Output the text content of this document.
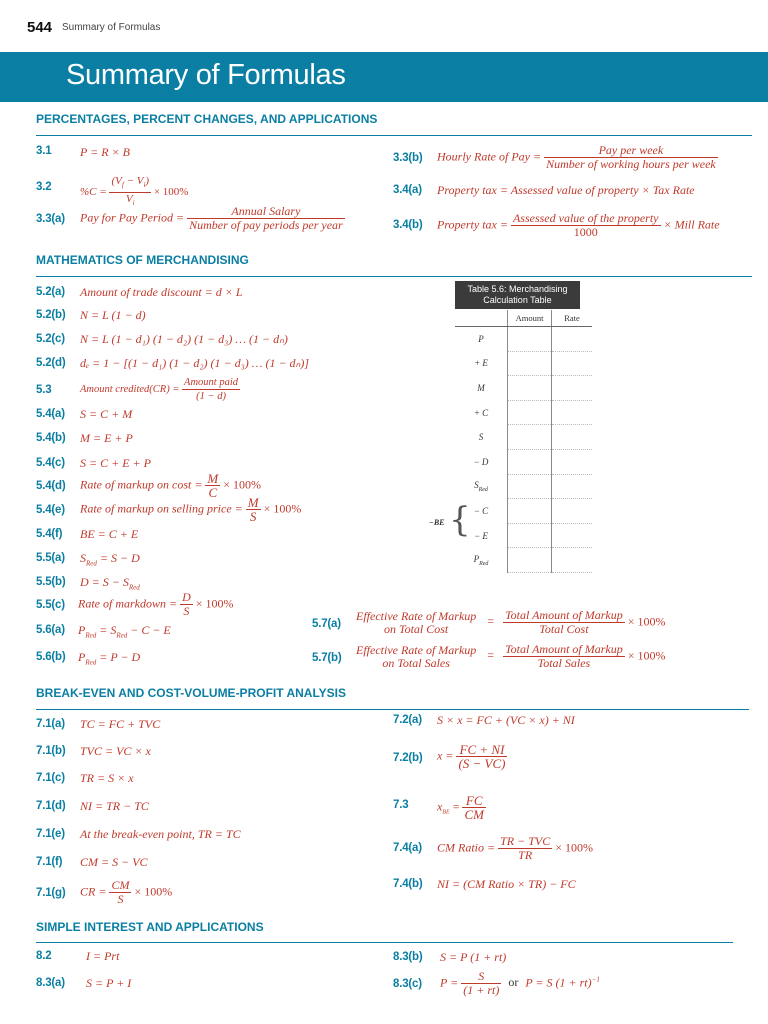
544 Summary of Formulas
Summary of Formulas
PERCENTAGES, PERCENT CHANGES, AND APPLICATIONS
3.1 P = R × B
3.2	$\%C = \frac{(V_f - V_i)}{V_i} \times 100\%$
3.3(a) Pay for Pay Period = $\frac{\text{Annual Salary}}{\text{Number of pay periods per year}}$
3.3(b) Hourly Rate of Pay = $\frac{\text{Pay per week}}{\text{Number of working hours per week}}$
3.4(a) Property tax = Assessed value of property × Tax Rate
3.4(b) Property tax = $\frac{\text{Assessed value of the property}}{1000}$ × Mill Rate
MATHEMATICS OF MERCHANDISING
5.2(a) Amount of trade discount = d × L
5.2(b) N = L (1 − d)
5.2(c) N = L (1 − d₁) (1 − d₂) (1 − d₃) … (1 − dₙ)
5.2(d) dₑ = 1 − [(1 − d₁) (1 − d₂) (1 − d₃) … (1 − dₙ)]
5.3	Amount credited(CR) = $\frac{\text{Amount paid}}{(1 - d)}$
5.4(a) S = C + M
5.4(b) M = E + P
5.4(c) S = C + E + P
5.4(d) Rate of markup on $\cos t = \frac{M}{C} \times 100\%$
5.4(e) Rate of markup on selling price = $\frac{M}{S} \times 100\%$
5.4(f) BE = C + E
5.5(a) $S_{Red} = S - D$
5.5(b) $D = S - S_{Red}$
5.5(c) Rate of markdown = $\frac{D}{S} \times 100\%$
5.6(a) $P_{Red} = S_{Red} - C - E$
5.6(b) $P_{Red} = P - D$
5.7(a)
Effective Rate of Markup
on Total Cost
= $\frac{\text{Total Amount of Markup}}{\text{Total Cost}} \times 100\%$
5.7(b)
Effective Rate of Markup
on Total Sales
= $\frac{\text{Total Amount of Markup}}{\text{Total Sales}} \times 100\%$
Table 5.6: Merchandising
Calculation Table
	Amount	Rate
P		
+ E		
M		
+ C		
S		
− D		
$S_{Red}$		
− C		
− E		
$P_{Red}$		
−BE {
BREAK-EVEN AND COST-VOLUME-PROFIT ANALYSIS
7.1(a) TC = FC + TVC
7.1(b) TVC = VC × x
7.1(c) TR = S × x
7.1(d) NI = TR − TC
7.1(e) At the break-even point, TR = TC
7.1(f) CM = S − VC
7.1(g) CR = $\frac{CM}{S} \times 100\%$
7.2(a) S × x = FC + (VC × x) + NI
7.2(b) $x = \frac{FC + NI}{(S - VC)}$
7.3 $x_{BE} = \frac{FC}{CM}$
7.4(a) CM Ratio = $\frac{\text{TR − TVC}}{TR} \times 100\%$
7.4(b) NI = (CM Ratio × TR) − FC
SIMPLE INTEREST AND APPLICATIONS
8.2	I = Prt
8.3(a) S = P + I
8.3(b) S = P (1 + rt)
8.3(c) $P = \frac{S}{(1 + rt)}$ or P = S (1 + rt)$^{-1}$
